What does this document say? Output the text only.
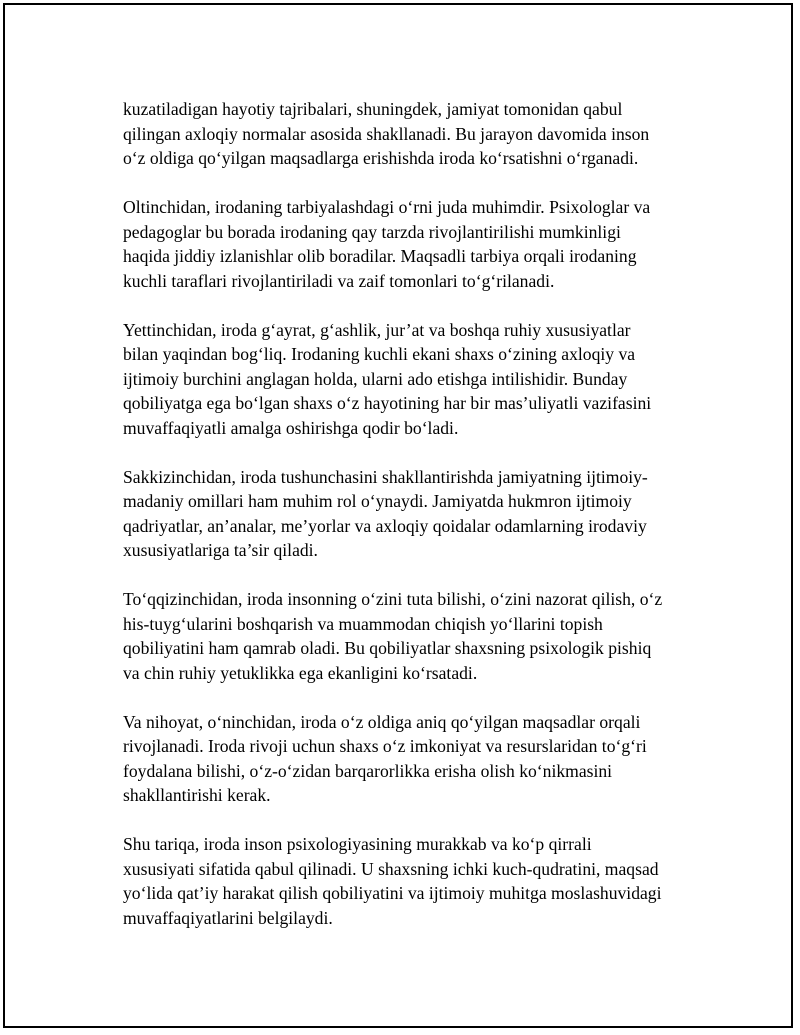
kuzatiladigan hayotiy tajribalari, shuningdek, jamiyat tomonidan qabul
qilingan axloqiy normalar asosida shakllanadi. Bu jarayon davomida inson
o‘z oldiga qo‘yilgan maqsadlarga erishishda iroda ko‘rsatishni o‘rganadi.

Oltinchidan, irodaning tarbiyalashdagi o‘rni juda muhimdir. Psixologlar va
pedagoglar bu borada irodaning qay tarzda rivojlantirilishi mumkinligi
haqida jiddiy izlanishlar olib boradilar. Maqsadli tarbiya orqali irodaning
kuchli taraflari rivojlantiriladi va zaif tomonlari to‘g‘rilanadi.

Yettinchidan, iroda g‘ayrat, g‘ashlik, jur’at va boshqa ruhiy xususiyatlar
bilan yaqindan bog‘liq. Irodaning kuchli ekani shaxs o‘zining axloqiy va
ijtimoiy burchini anglagan holda, ularni ado etishga intilishidir. Bunday
qobiliyatga ega bo‘lgan shaxs o‘z hayotining har bir mas’uliyatli vazifasini
muvaffaqiyatli amalga oshirishga qodir bo‘ladi.

Sakkizinchidan, iroda tushunchasini shakllantirishda jamiyatning ijtimoiy-
madaniy omillari ham muhim rol o‘ynaydi. Jamiyatda hukmron ijtimoiy
qadriyatlar, an’analar, me’yorlar va axloqiy qoidalar odamlarning irodaviy
xususiyatlariga ta’sir qiladi.

To‘qqizinchidan, iroda insonning o‘zini tuta bilishi, o‘zini nazorat qilish, o‘z
his-tuyg‘ularini boshqarish va muammodan chiqish yo‘llarini topish
qobiliyatini ham qamrab oladi. Bu qobiliyatlar shaxsning psixologik pishiq
va chin ruhiy yetuklikka ega ekanligini ko‘rsatadi.

Va nihoyat, o‘ninchidan, iroda o‘z oldiga aniq qo‘yilgan maqsadlar orqali
rivojlanadi. Iroda rivoji uchun shaxs o‘z imkoniyat va resurslaridan to‘g‘ri
foydalana bilishi, o‘z-o‘zidan barqarorlikka erisha olish ko‘nikmasini
shakllantirishi kerak.

Shu tariqa, iroda inson psixologiyasining murakkab va ko‘p qirrali
xususiyati sifatida qabul qilinadi. U shaxsning ichki kuch-qudratini, maqsad
yo‘lida qat’iy harakat qilish qobiliyatini va ijtimoiy muhitga moslashuvidagi
muvaffaqiyatlarini belgilaydi.
